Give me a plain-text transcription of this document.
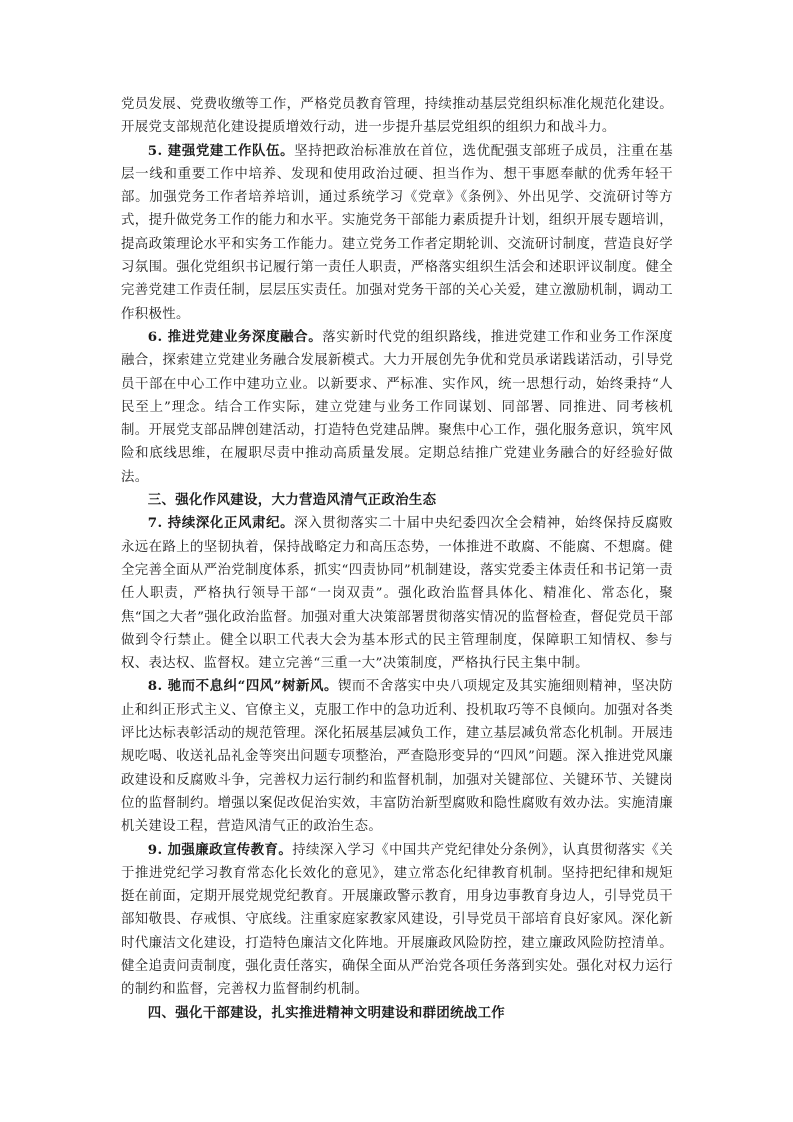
党员发展、党费收缴等工作，严格党员教育管理，持续推动基层党组织标准化规范化建设。开展党支部规范化建设提质增效行动，进一步提升基层党组织的组织力和战斗力。

5. 建强党建工作队伍。坚持把政治标准放在首位，选优配强支部班子成员，注重在基层一线和重要工作中培养、发现和使用政治过硬、担当作为、想干事愿奉献的优秀年轻干部。加强党务工作者培养培训，通过系统学习《党章》《条例》、外出见学、交流研讨等方式，提升做党务工作的能力和水平。实施党务干部能力素质提升计划，组织开展专题培训，提高政策理论水平和实务工作能力。建立党务工作者定期轮训、交流研讨制度，营造良好学习氛围。强化党组织书记履行第一责任人职责，严格落实组织生活会和述职评议制度。健全完善党建工作责任制，层层压实责任。加强对党务干部的关心关爱，建立激励机制，调动工作积极性。

6. 推进党建业务深度融合。落实新时代党的组织路线，推进党建工作和业务工作深度融合，探索建立党建业务融合发展新模式。大力开展创先争优和党员承诺践诺活动，引导党员干部在中心工作中建功立业。以新要求、严标准、实作风，统一思想行动，始终秉持“人民至上”理念。结合工作实际，建立党建与业务工作同谋划、同部署、同推进、同考核机制。开展党支部品牌创建活动，打造特色党建品牌。聚焦中心工作，强化服务意识，筑牢风险和底线思维，在履职尽责中推动高质量发展。定期总结推广党建业务融合的好经验好做法。

三、强化作风建设，大力营造风清气正政治生态

7. 持续深化正风肃纪。深入贯彻落实二十届中央纪委四次全会精神，始终保持反腐败永远在路上的坚韧执着，保持战略定力和高压态势，一体推进不敢腐、不能腐、不想腐。健全完善全面从严治党制度体系，抓实“四责协同”机制建设，落实党委主体责任和书记第一责任人职责，严格执行领导干部“一岗双责”。强化政治监督具体化、精准化、常态化，聚焦“国之大者”强化政治监督。加强对重大决策部署贯彻落实情况的监督检查，督促党员干部做到令行禁止。健全以职工代表大会为基本形式的民主管理制度，保障职工知情权、参与权、表达权、监督权。建立完善“三重一大”决策制度，严格执行民主集中制。

8. 驰而不息纠“四风”树新风。锲而不舍落实中央八项规定及其实施细则精神，坚决防止和纠正形式主义、官僚主义，克服工作中的急功近利、投机取巧等不良倾向。加强对各类评比达标表彰活动的规范管理。深化拓展基层减负工作，建立基层减负常态化机制。开展违规吃喝、收送礼品礼金等突出问题专项整治，严查隐形变异的“四风”问题。深入推进党风廉政建设和反腐败斗争，完善权力运行制约和监督机制，加强对关键部位、关键环节、关键岗位的监督制约。增强以案促改促治实效，丰富防治新型腐败和隐性腐败有效办法。实施清廉机关建设工程，营造风清气正的政治生态。

9. 加强廉政宣传教育。持续深入学习《中国共产党纪律处分条例》，认真贯彻落实《关于推进党纪学习教育常态化长效化的意见》，建立常态化纪律教育机制。坚持把纪律和规矩挺在前面，定期开展党规党纪教育。开展廉政警示教育，用身边事教育身边人，引导党员干部知敬畏、存戒惧、守底线。注重家庭家教家风建设，引导党员干部培育良好家风。深化新时代廉洁文化建设，打造特色廉洁文化阵地。开展廉政风险防控，建立廉政风险防控清单。健全追责问责制度，强化责任落实，确保全面从严治党各项任务落到实处。强化对权力运行的制约和监督，完善权力监督制约机制。

四、强化干部建设，扎实推进精神文明建设和群团统战工作
